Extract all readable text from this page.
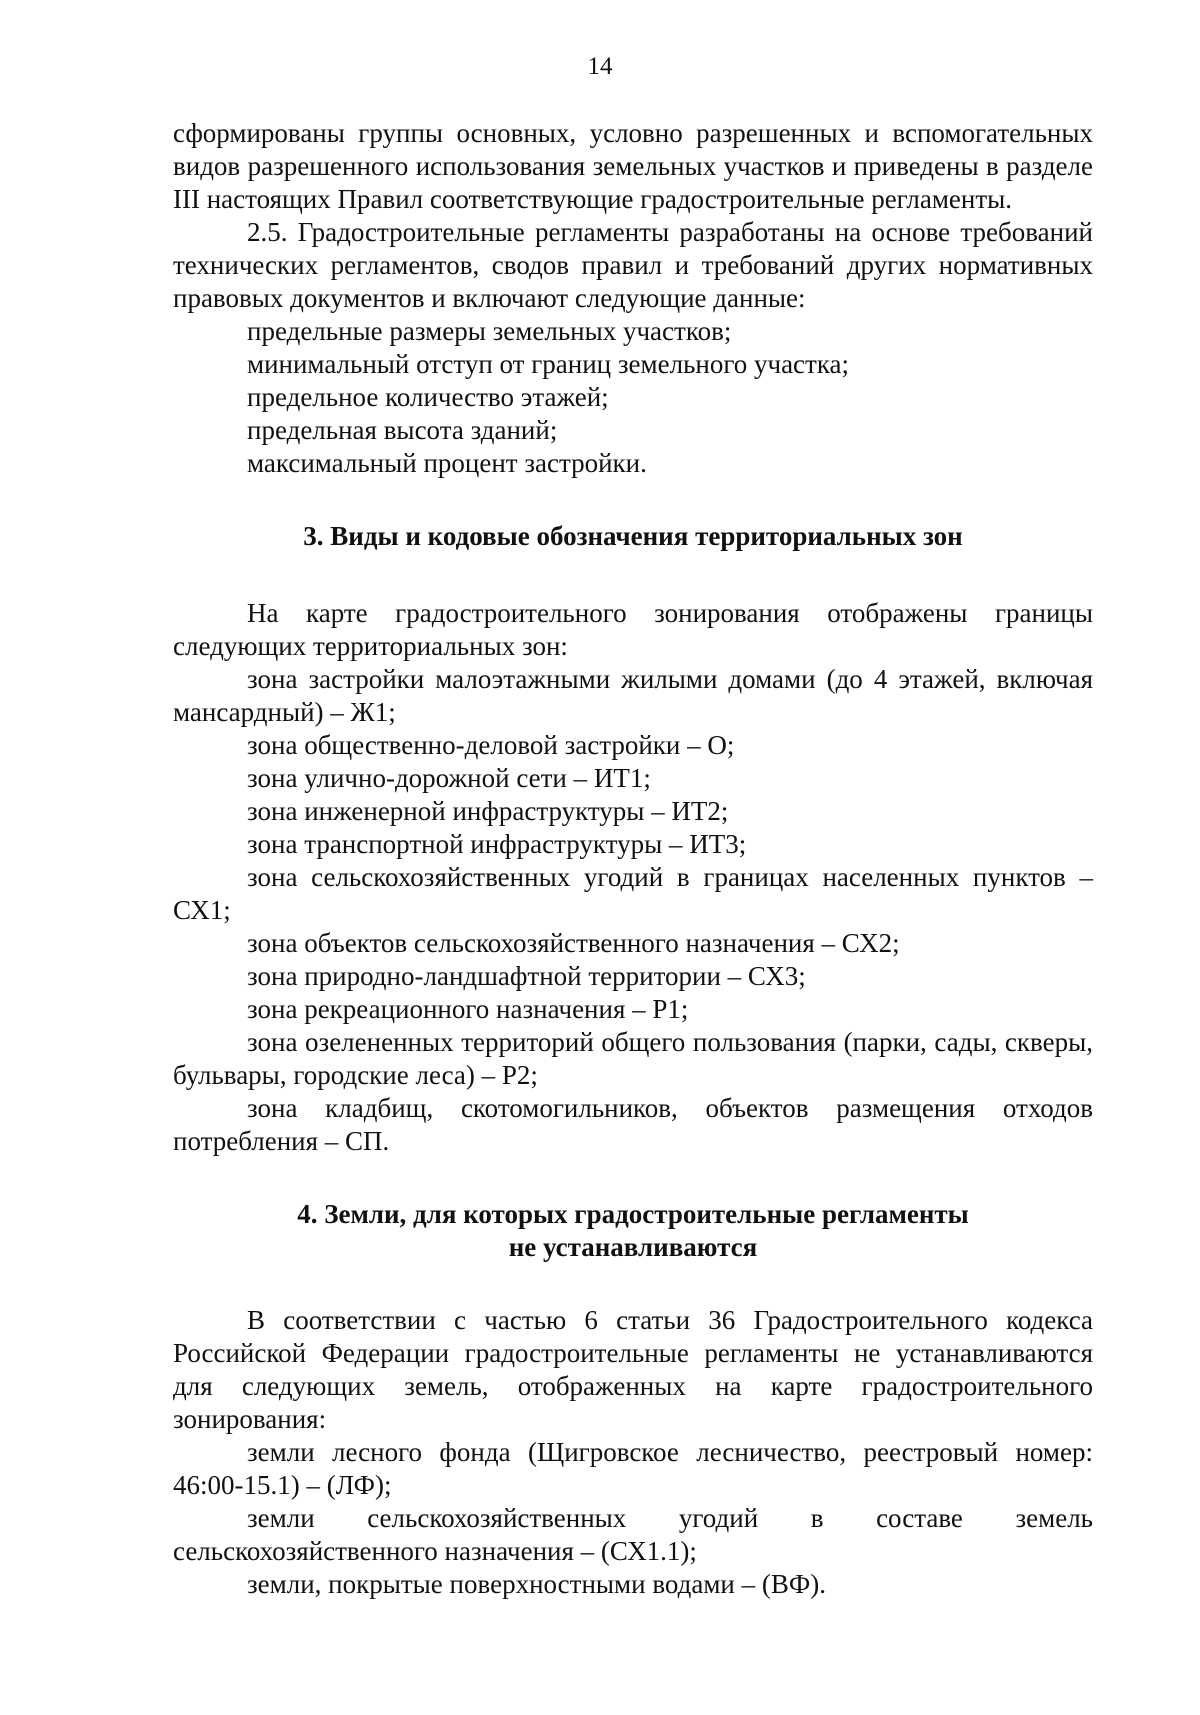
14

сформированы группы основных, условно разрешенных и вспомогательных видов разрешенного использования земельных участков и приведены в разделе III настоящих Правил соответствующие градостроительные регламенты.

2.5. Градостроительные регламенты разработаны на основе требований технических регламентов, сводов правил и требований других нормативных правовых документов и включают следующие данные:

предельные размеры земельных участков;

минимальный отступ от границ земельного участка;

предельное количество этажей;

предельная высота зданий;

максимальный процент застройки.

3. Виды и кодовые обозначения территориальных зон

На карте градостроительного зонирования отображены границы следующих территориальных зон:

зона застройки малоэтажными жилыми домами (до 4 этажей, включая мансардный) – Ж1;

зона общественно-деловой застройки – О;

зона улично-дорожной сети – ИТ1;

зона инженерной инфраструктуры – ИТ2;

зона транспортной инфраструктуры – ИТ3;

зона сельскохозяйственных угодий в границах населенных пунктов – СХ1;

зона объектов сельскохозяйственного назначения – СХ2;

зона природно-ландшафтной территории – СХ3;

зона рекреационного назначения – Р1;

зона озелененных территорий общего пользования (парки, сады, скверы, бульвары, городские леса) – Р2;

зона кладбищ, скотомогильников, объектов размещения отходов потребления – СП.

4. Земли, для которых градостроительные регламенты
не устанавливаются

В соответствии с частью 6 статьи 36 Градостроительного кодекса Российской Федерации градостроительные регламенты не устанавливаются для следующих земель, отображенных на карте градостроительного зонирования:

земли лесного фонда (Щигровское лесничество, реестровый номер: 46:00-15.1) – (ЛФ);

земли сельскохозяйственных угодий в составе земель сельскохозяйственного назначения – (СХ1.1);

земли, покрытые поверхностными водами – (ВФ).
